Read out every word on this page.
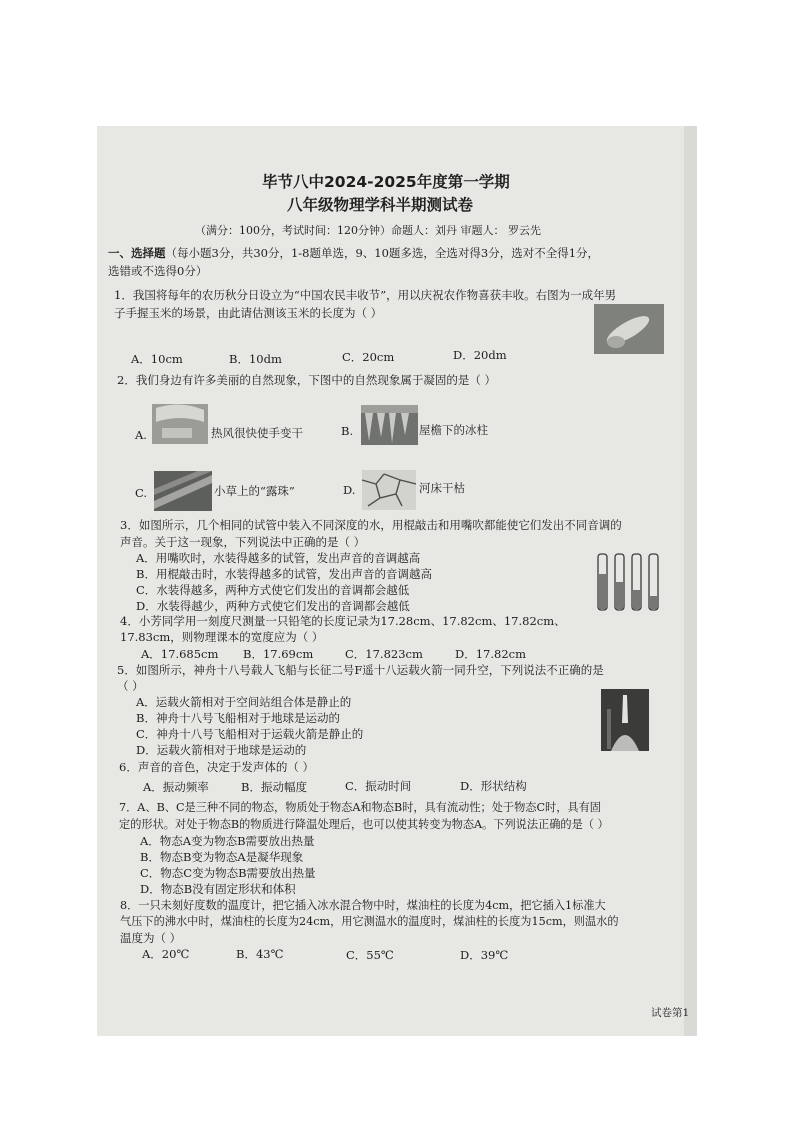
毕节八中2024-2025年度第一学期
八年级物理学科半期测试卷
（满分：100分，考试时间：120分钟）命题人：刘丹 审题人： 罗云先
一、选择题（每小题3分，共30分，1-8题单选，9、10题多选，全选对得3分，选对不全得1分，
选错或不选得0分）
1．我国将每年的农历秋分日设立为“中国农民丰收节”，用以庆祝农作物喜获丰收。右图为一成年男
子手握玉米的场景，由此请估测该玉米的长度为（ ）
A．10cm	B．10dm	C．20cm	D．20dm
2．我们身边有许多美丽的自然现象，下图中的自然现象属于凝固的是（ ）
A.	热风很快使手变干	B.	屋檐下的冰柱
C.	小草上的“露珠”	D.	河床干枯
3．如图所示，几个相同的试管中装入不同深度的水，用棍敲击和用嘴吹都能使它们发出不同音调的
声音。关于这一现象，下列说法中正确的是（ ）
A．用嘴吹时，水装得越多的试管，发出声音的音调越高
B．用棍敲击时，水装得越多的试管，发出声音的音调越高
C．水装得越多，两种方式使它们发出的音调都会越低
D．水装得越少，两种方式使它们发出的音调都会越低
4．小芳同学用一刻度尺测量一只铅笔的长度记录为17.28cm、17.82cm、17.82cm、
17.83cm，则物理课本的宽度应为（ ）
A．17.685cm B．17.69cm	C．17.823cm	D．17.82cm
5．如图所示，神舟十八号载人飞船与长征二号F遥十八运载火箭一同升空，下列说法不正确的是
（ ）
A．运载火箭相对于空间站组合体是静止的
B．神舟十八号飞船相对于地球是运动的
C．神舟十八号飞船相对于运载火箭是静止的
D．运载火箭相对于地球是运动的
6．声音的音色，决定于发声体的（ ）
A．振动频率	B．振动幅度	C．振动时间	D．形状结构
7．A、B、C是三种不同的物态，物质处于物态A和物态B时，具有流动性；处于物态C时，具有固
定的形状。对处于物态B的物质进行降温处理后，也可以使其转变为物态A。下列说法正确的是（ ）
A．物态A变为物态B需要放出热量
B．物态B变为物态A是凝华现象
C．物态C变为物态B需要放出热量
D．物态B没有固定形状和体积
8．一只未刻好度数的温度计，把它插入冰水混合物中时，煤油柱的长度为4cm，把它插入1标准大
气压下的沸水中时，煤油柱的长度为24cm，用它测温水的温度时，煤油柱的长度为15cm，则温水的
温度为（ ）
A．20℃	B．43℃	C．55℃	D．39℃
试卷第1
